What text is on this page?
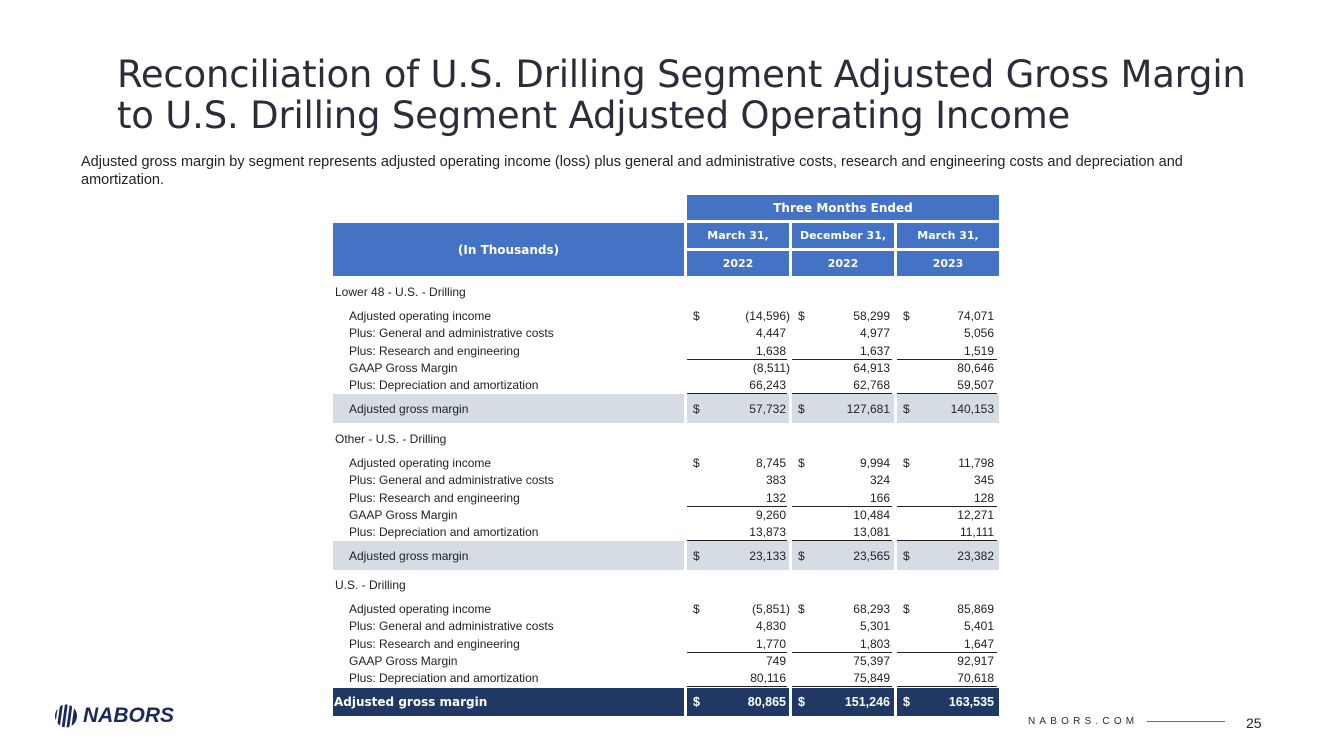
Reconciliation of U.S. Drilling Segment Adjusted Gross Margin
to U.S. Drilling Segment Adjusted Operating Income

Adjusted gross margin by segment represents adjusted operating income (loss) plus general and administrative costs, research and engineering costs and depreciation and amortization.

Three Months Ended
(In Thousands)
March 31,	December 31,	March 31,
2022	2022	2023
Lower 48 - U.S. - Drilling
Adjusted operating income	$	(14,596) $	58,299 $	74,071
Plus: General and administrative costs	4,447	4,977	5,056
Plus: Research and engineering	1,638	1,637	1,519
GAAP Gross Margin	(8,511)	64,913	80,646
Plus: Depreciation and amortization	66,243	62,768	59,507
Adjusted gross margin	$	57,732 $	127,681 $	140,153
Other - U.S. - Drilling
Adjusted operating income	$	8,745 $	9,994 $	11,798
Plus: General and administrative costs	383	324	345
Plus: Research and engineering	132	166	128
GAAP Gross Margin	9,260	10,484	12,271
Plus: Depreciation and amortization	13,873	13,081	11,111
Adjusted gross margin	$	23,133 $	23,565 $	23,382
U.S. - Drilling
Adjusted operating income	$	(5,851) $	68,293 $	85,869
Plus: General and administrative costs	4,830	5,301	5,401
Plus: Research and engineering	1,770	1,803	1,647
GAAP Gross Margin	749	75,397	92,917
Plus: Depreciation and amortization	80,116	75,849	70,618
Adjusted gross margin	$	80,865 $	151,246 $	163,535
NABORS	NABORS.COM	25
